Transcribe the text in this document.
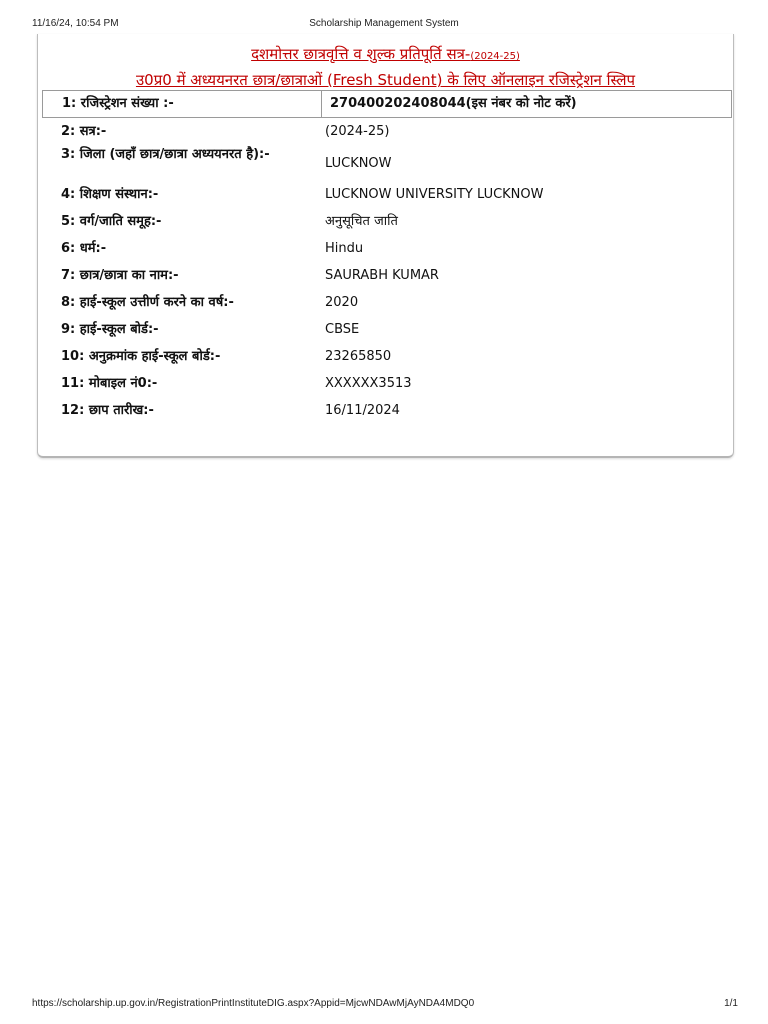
11/16/24, 10:54 PM	Scholarship Management System
दशमोत्तर छात्रवृत्ति व शुल्क प्रतिपूर्ति सत्र-(2024-25)
उ0प्र0 में अध्ययनरत छात्र/छात्राओं (Fresh Student) के लिए ऑनलाइन रजिस्ट्रेशन स्लिप
1: रजिस्ट्रेशन संख्या :-	270400202408044(इस नंबर को नोट करें)
2: सत्र:-	(2024-25)
3: जिला (जहाँ छात्र/छात्रा अध्ययनरत है):-
LUCKNOW
4: शिक्षण संस्थान:-	LUCKNOW UNIVERSITY LUCKNOW
5: वर्ग/जाति समूह:-	अनुसूचित जाति
6: धर्म:-	Hindu
7: छात्र/छात्रा का नाम:-	SAURABH KUMAR
8: हाई-स्कूल उत्तीर्ण करने का वर्ष:-	2020
9: हाई-स्कूल बोर्ड:-	CBSE
10: अनुक्रमांक हाई-स्कूल बोर्ड:-	23265850
11: मोबाइल नं0:-	XXXXXX3513
12: छाप तारीख:-	16/11/2024
https://scholarship.up.gov.in/RegistrationPrintInstituteDIG.aspx?Appid=MjcwNDAwMjAyNDA4MDQ0	1/1
